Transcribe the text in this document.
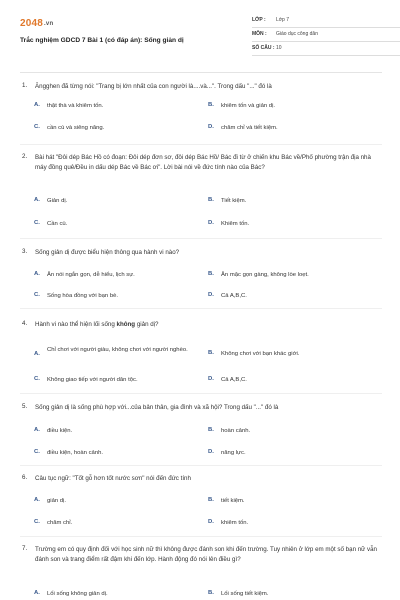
2048.vn
Trắc nghiệm GDCD 7 Bài 1 (có đáp án): Sống giản dị
LỚP : Lớp 7
MÔN : Giáo dục công dân
SỐ CÂU : 10
1. Ăngghen đã từng nói: "Trang bị lớn nhất của con người là....và...". Trong dấu "..." đó là
A. thật thà và khiêm tốn.	B. khiêm tốn và giản dị.
C. cần cù và siêng năng.	D. chăm chỉ và tiết kiệm.
2. Bài hát "Đôi dép Bác Hồ có đoạn: Đôi dép đơn sơ, đôi dép Bác Hồ/ Bác đi từ ở chiến khu Bác về/Phố phường trận địa nhà máy đồng quê/Đều in dấu dép Bác về Bác ơi". Lời bài nói về đức tính nào của Bác?
A. Giản dị.	B. Tiết kiệm.
C. Cần cù.	D. Khiêm tốn.
3. Sống giản dị được biểu hiện thông qua hành vi nào?
A. Ăn nói ngắn gọn, dễ hiểu, lịch sự.	B. Ăn mặc gọn gàng, không lòe loẹt.
C. Sống hòa đồng với bạn bè.	D. Cả A,B,C.
4. Hành vi nào thể hiện lối sống không giản dị?
A.
Chỉ chơi với người giàu, không chơi với người nghèo.	B. Không chơi với bạn khác giới.
C. Không giao tiếp với người dân tộc.	D. Cả A,B,C.
5. Sống giản dị là sống phù hợp với...của bản thân, gia đình và xã hội? Trong dấu "..." đó là
A. điều kiện.	B. hoàn cảnh.
C. điều kiện, hoàn cảnh.	D. năng lực.
6. Câu tục ngữ: "Tốt gỗ hơn tốt nước sơn" nói đến đức tính
A. giản dị.	B. tiết kiệm.
C. chăm chỉ.	D. khiêm tốn.
7. Trường em có quy định đối với học sinh nữ thì không được đánh son khi đến trường. Tuy nhiên ở lớp em một số bạn nữ vẫn đánh son và trang điểm rất đậm khi đến lớp. Hành động đó nói lên điều gì?
A. Lối sống không giản dị.	B. Lối sống tiết kiệm.
